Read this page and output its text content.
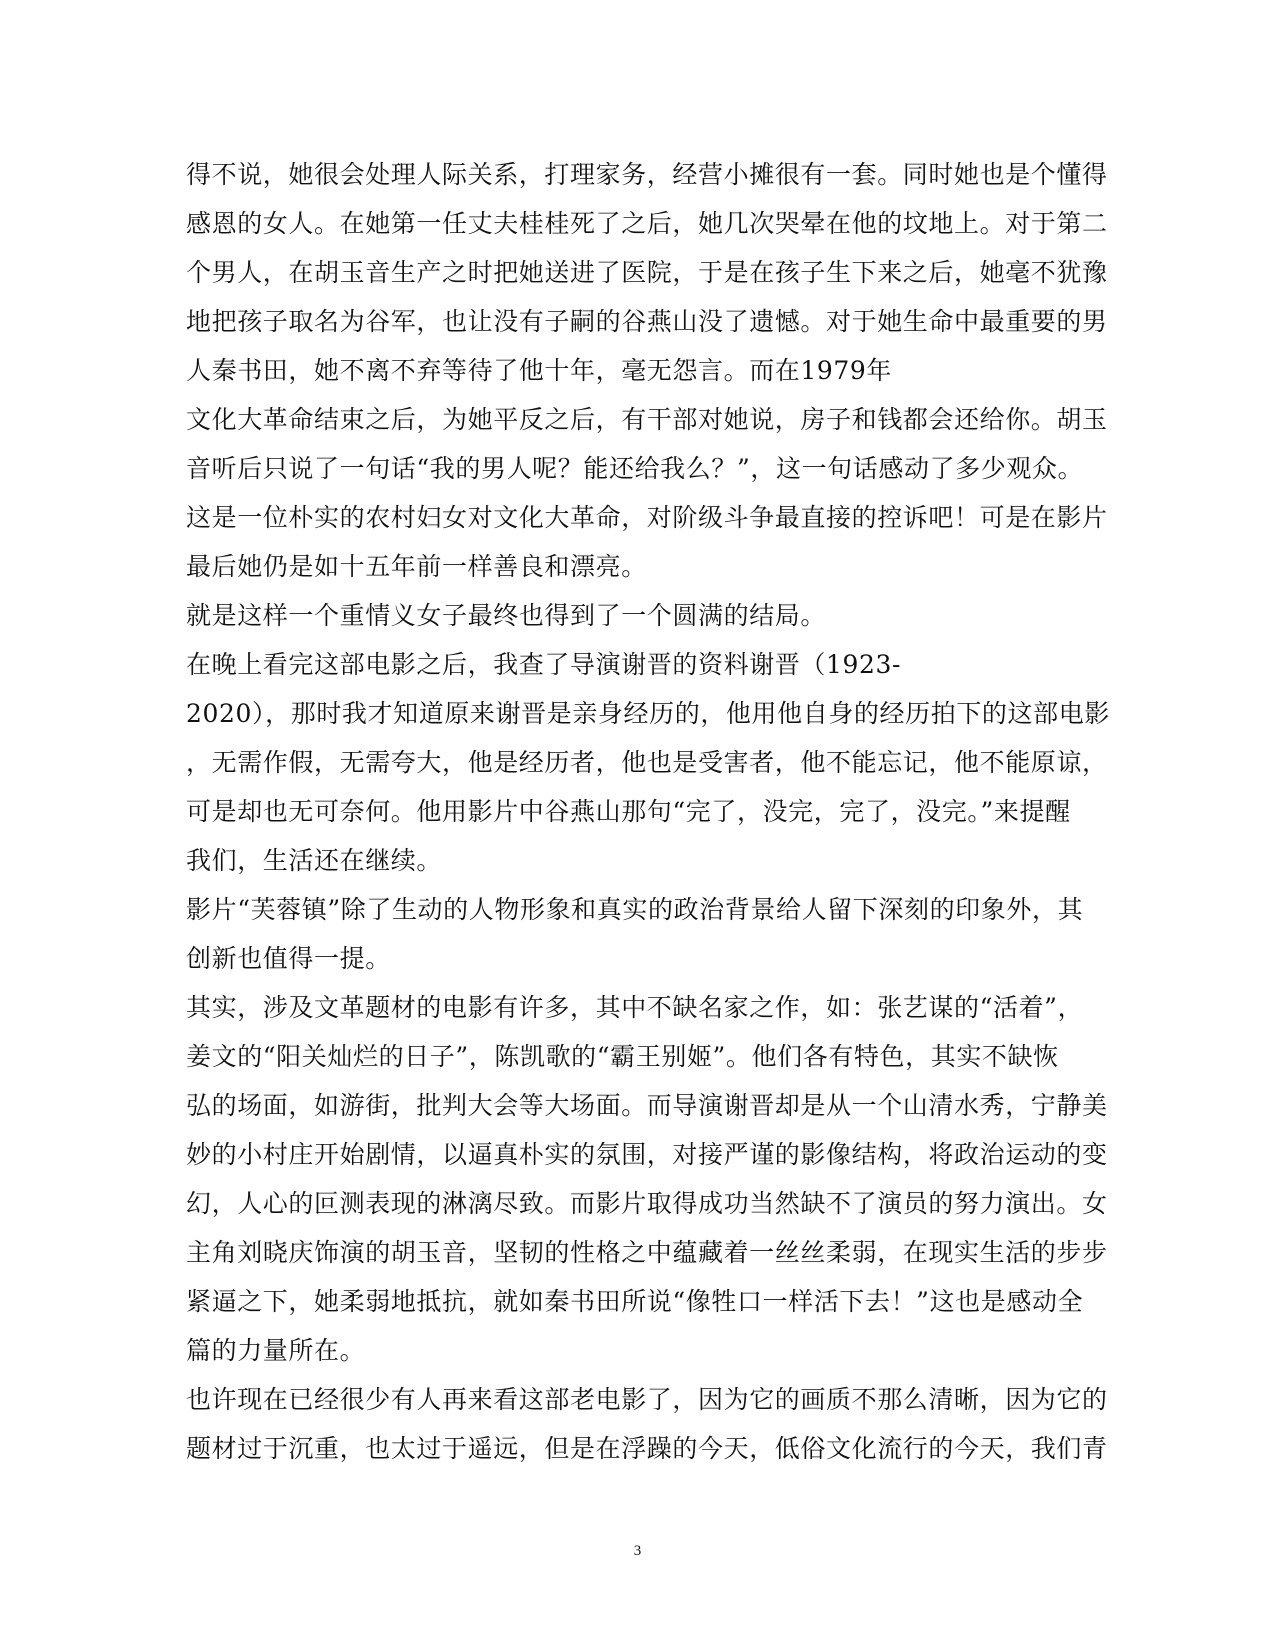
得不说，她很会处理人际关系，打理家务，经营小摊很有一套。同时她也是个懂得
感恩的女人。在她第一任丈夫桂桂死了之后，她几次哭晕在他的坟地上。对于第二
个男人，在胡玉音生产之时把她送进了医院，于是在孩子生下来之后，她毫不犹豫
地把孩子取名为谷军，也让没有子嗣的谷燕山没了遗憾。对于她生命中最重要的男
人秦书田，她不离不弃等待了他十年，毫无怨言。而在1979年
文化大革命结束之后，为她平反之后，有干部对她说，房子和钱都会还给你。胡玉
音听后只说了一句话“我的男人呢？能还给我么？”，这一句话感动了多少观众。
这是一位朴实的农村妇女对文化大革命，对阶级斗争最直接的控诉吧！可是在影片
最后她仍是如十五年前一样善良和漂亮。
就是这样一个重情义女子最终也得到了一个圆满的结局。
在晚上看完这部电影之后，我查了导演谢晋的资料谢晋（1923-
2020），那时我才知道原来谢晋是亲身经历的，他用他自身的经历拍下的这部电影
，无需作假，无需夸大，他是经历者，他也是受害者，他不能忘记，他不能原谅，
可是却也无可奈何。他用影片中谷燕山那句“完了，没完，完了，没完。”来提醒
我们，生活还在继续。
影片“芙蓉镇”除了生动的人物形象和真实的政治背景给人留下深刻的印象外，其
创新也值得一提。
其实，涉及文革题材的电影有许多，其中不缺名家之作，如：张艺谋的“活着”，
姜文的“阳关灿烂的日子”，陈凯歌的“霸王别姬”。他们各有特色，其实不缺恢
弘的场面，如游街，批判大会等大场面。而导演谢晋却是从一个山清水秀，宁静美
妙的小村庄开始剧情，以逼真朴实的氛围，对接严谨的影像结构，将政治运动的变
幻，人心的叵测表现的淋漓尽致。而影片取得成功当然缺不了演员的努力演出。女
主角刘晓庆饰演的胡玉音，坚韧的性格之中蕴藏着一丝丝柔弱，在现实生活的步步
紧逼之下，她柔弱地抵抗，就如秦书田所说“像牲口一样活下去！”这也是感动全
篇的力量所在。
也许现在已经很少有人再来看这部老电影了，因为它的画质不那么清晰，因为它的
题材过于沉重，也太过于遥远，但是在浮躁的今天，低俗文化流行的今天，我们青
3
